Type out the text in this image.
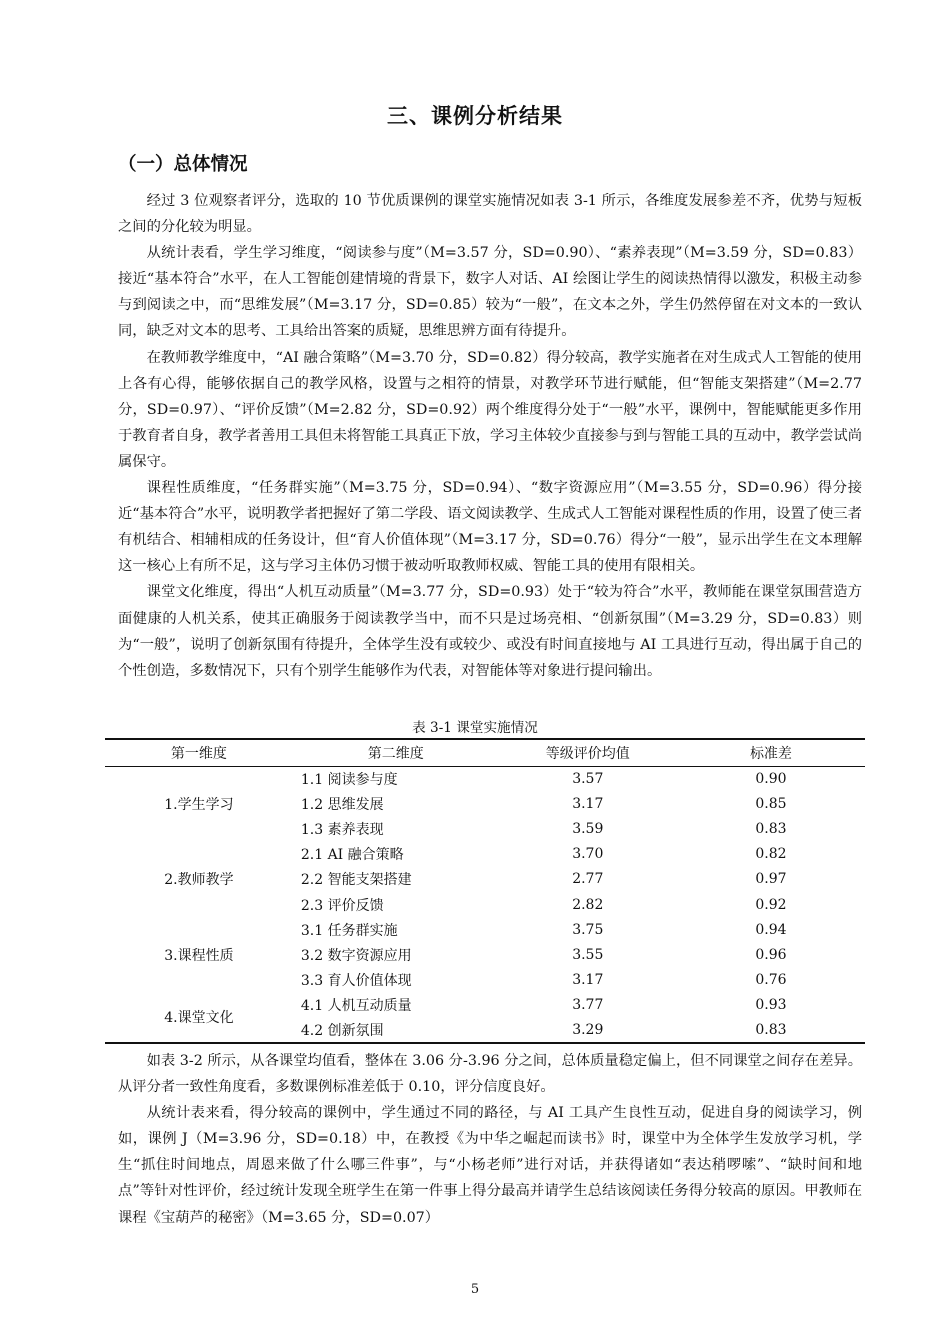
三、课例分析结果
（一）总体情况

经过 3 位观察者评分，选取的 10 节优质课例的课堂实施情况如表 3-1 所示，各维度发展参差不齐，优势与短板之间的分化较为明显。

从统计表看，学生学习维度，“阅读参与度”（M=3.57 分，SD=0.90）、“素养表现”（M=3.59 分，SD=0.83）接近“基本符合”水平，在人工智能创建情境的背景下，数字人对话、AI 绘图让学生的阅读热情得以激发，积极主动参与到阅读之中，而“思维发展”（M=3.17 分，SD=0.85）较为“一般”，在文本之外，学生仍然停留在对文本的一致认同，缺乏对文本的思考、工具给出答案的质疑，思维思辨方面有待提升。

在教师教学维度中，“AI 融合策略”（M=3.70 分，SD=0.82）得分较高，教学实施者在对生成式人工智能的使用上各有心得，能够依据自己的教学风格，设置与之相符的情景，对教学环节进行赋能，但“智能支架搭建”（M=2.77 分，SD=0.97）、“评价反馈”（M=2.82 分，SD=0.92）两个维度得分处于“一般”水平，课例中，智能赋能更多作用于教育者自身，教学者善用工具但未将智能工具真正下放，学习主体较少直接参与到与智能工具的互动中，教学尝试尚属保守。

课程性质维度，“任务群实施”（M=3.75 分，SD=0.94）、“数字资源应用”（M=3.55 分，SD=0.96）得分接近“基本符合”水平，说明教学者把握好了第二学段、语文阅读教学、生成式人工智能对课程性质的作用，设置了使三者有机结合、相辅相成的任务设计，但“育人价值体现”（M=3.17 分，SD=0.76）得分“一般”，显示出学生在文本理解这一核心上有所不足，这与学习主体仍习惯于被动听取教师权威、智能工具的使用有限相关。

课堂文化维度，得出“人机互动质量”（M=3.77 分，SD=0.93）处于“较为符合”水平，教师能在课堂氛围营造方面健康的人机关系，使其正确服务于阅读教学当中，而不只是过场亮相、“创新氛围”（M=3.29 分，SD=0.83）则为“一般”，说明了创新氛围有待提升，全体学生没有或较少、或没有时间直接地与 AI 工具进行互动，得出属于自己的个性创造，多数情况下，只有个别学生能够作为代表，对智能体等对象进行提问输出。

表 3-1 课堂实施情况
第一维度	第二维度	等级评价均值	标准差
1.学生学习	1.1 阅读参与度	3.57	0.90
	1.2 思维发展	3.17	0.85
	1.3 素养表现	3.59	0.83
2.教师教学	2.1 AI 融合策略	3.70	0.82
	2.2 智能支架搭建	2.77	0.97
	2.3 评价反馈	2.82	0.92
3.课程性质	3.1 任务群实施	3.75	0.94
	3.2 数字资源应用	3.55	0.96
	3.3 育人价值体现	3.17	0.76
4.课堂文化	4.1 人机互动质量	3.77	0.93
	4.2 创新氛围	3.29	0.83

如表 3-2 所示，从各课堂均值看，整体在 3.06 分-3.96 分之间，总体质量稳定偏上，但不同课堂之间存在差异。从评分者一致性角度看，多数课例标准差低于 0.10，评分信度良好。

从统计表来看，得分较高的课例中，学生通过不同的路径，与 AI 工具产生良性互动，促进自身的阅读学习，例如，课例 J（M=3.96 分，SD=0.18）中，在教授《为中华之崛起而读书》时，课堂中为全体学生发放学习机，学生“抓住时间地点，周恩来做了什么哪三件事”，与“小杨老师”进行对话，并获得诸如“表达稍啰嗦”、“缺时间和地点”等针对性评价，经过统计发现全班学生在第一件事上得分最高并请学生总结该阅读任务得分较高的原因。甲教师在课程《宝葫芦的秘密》（M=3.65 分，SD=0.07）

5
